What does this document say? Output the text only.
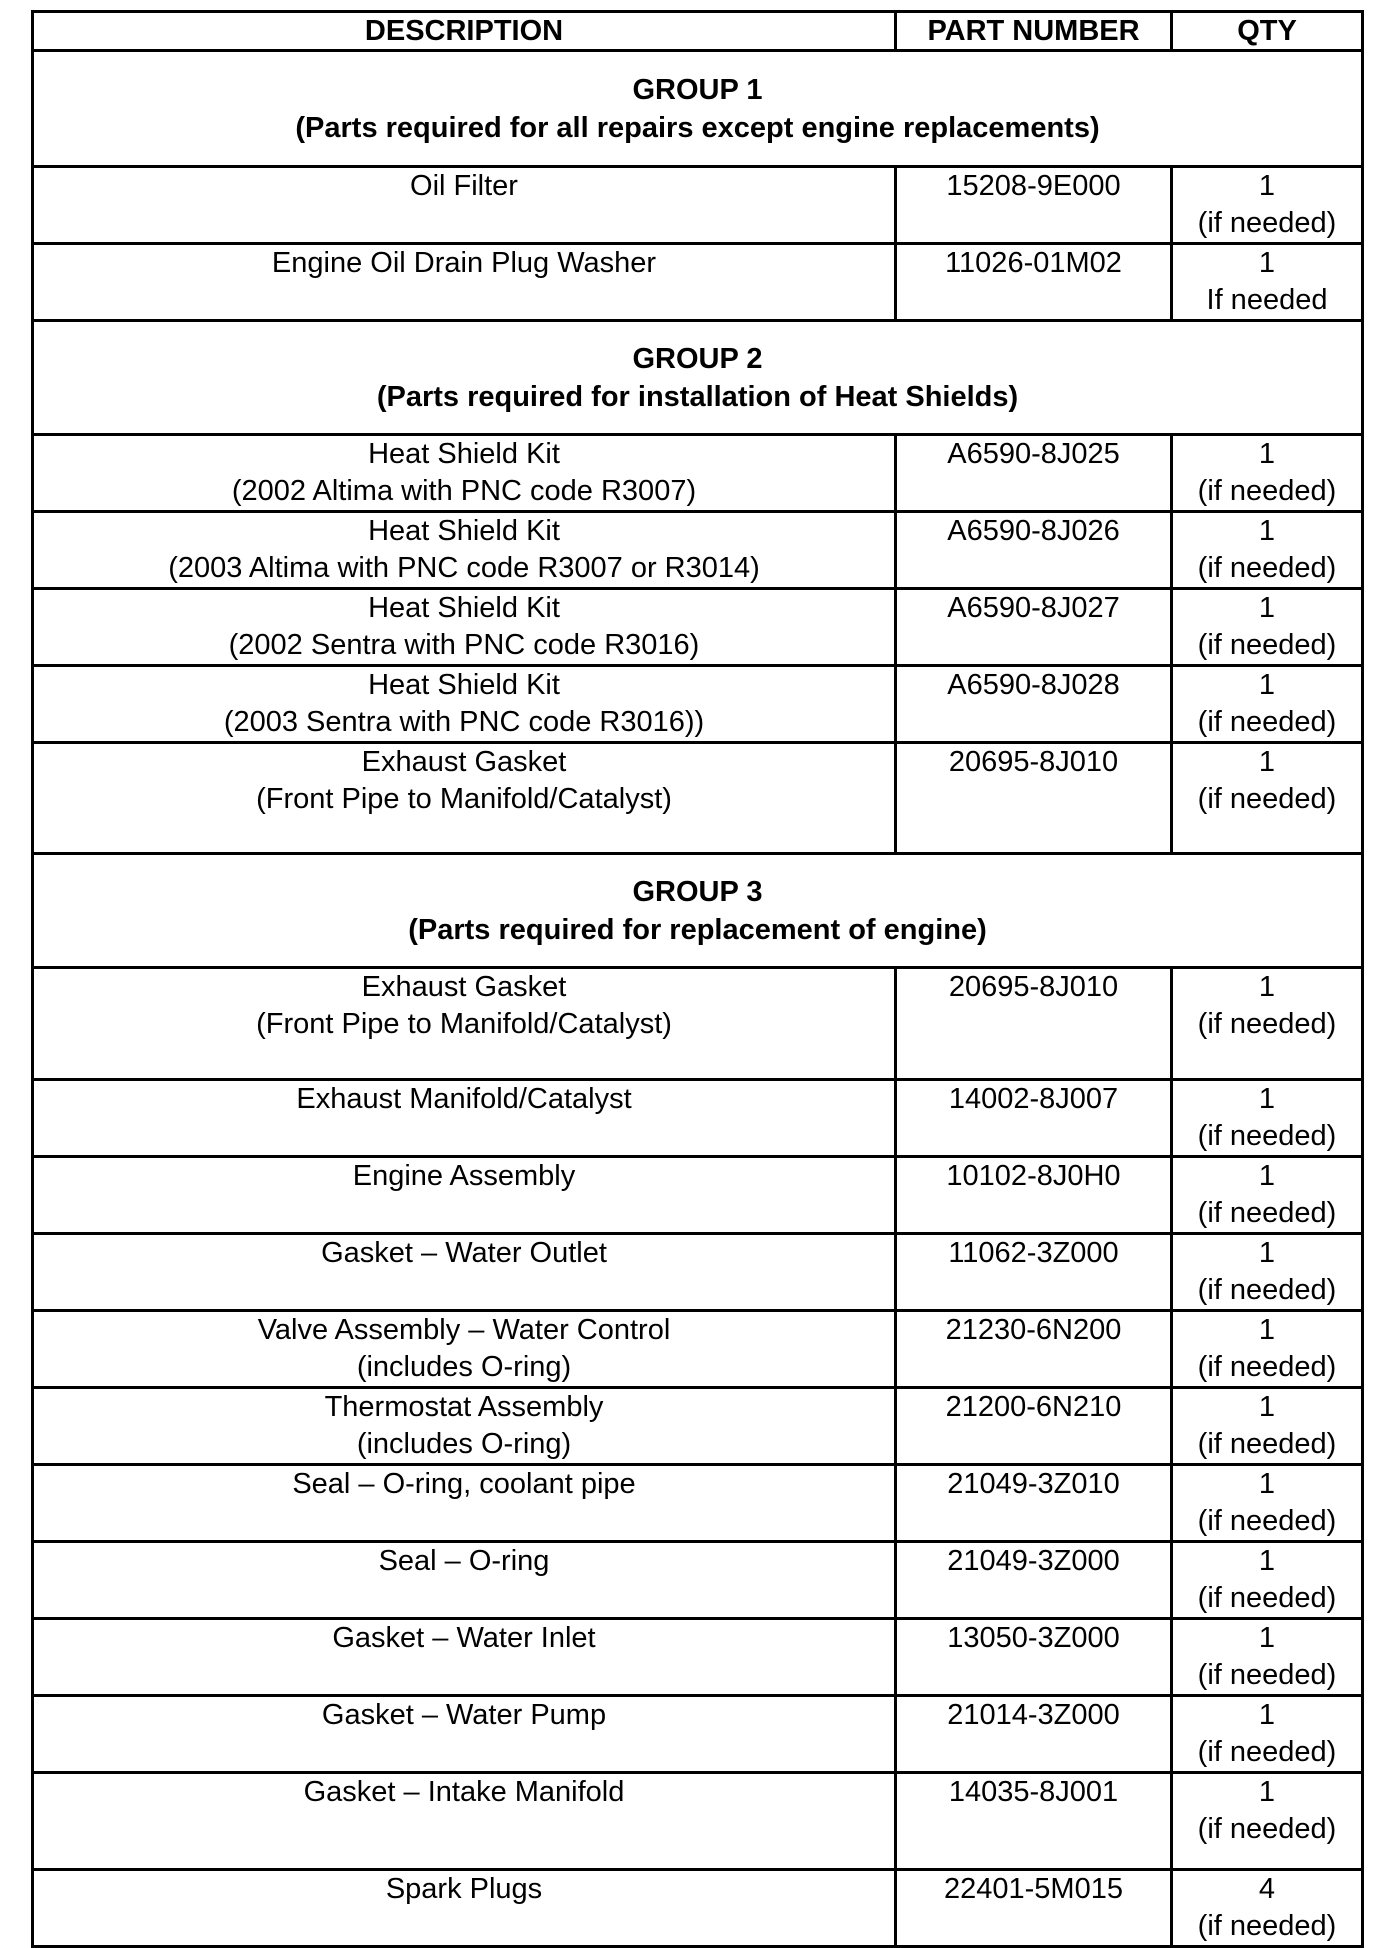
DESCRIPTION	PART NUMBER	QTY

GROUP 1
(Parts required for all repairs except engine replacements)		

Oil Filter	15208-9E000	1
(if needed)

Engine Oil Drain Plug Washer	11026-01M02	1
If needed

GROUP 2
(Parts required for installation of Heat Shields)		

Heat Shield Kit
(2002 Altima with PNC code R3007)	A6590-8J025	1
(if needed)

Heat Shield Kit
(2003 Altima with PNC code R3007 or R3014)	A6590-8J026	1
(if needed)

Heat Shield Kit
(2002 Sentra with PNC code R3016)	A6590-8J027	1
(if needed)

Heat Shield Kit
(2003 Sentra with PNC code R3016))	A6590-8J028	1
(if needed)

Exhaust Gasket
(Front Pipe to Manifold/Catalyst)	20695-8J010	1
(if needed)

GROUP 3
(Parts required for replacement of engine)		

Exhaust Gasket
(Front Pipe to Manifold/Catalyst)	20695-8J010	1
(if needed)

Exhaust Manifold/Catalyst	14002-8J007	1
(if needed)

Engine Assembly	10102-8J0H0	1
(if needed)

Gasket – Water Outlet	11062-3Z000	1
(if needed)

Valve Assembly – Water Control
(includes O-ring)	21230-6N200	1
(if needed)

Thermostat Assembly
(includes O-ring)	21200-6N210	1
(if needed)

Seal – O-ring, coolant pipe	21049-3Z010	1
(if needed)

Seal – O-ring	21049-3Z000	1
(if needed)

Gasket – Water Inlet	13050-3Z000	1
(if needed)

Gasket – Water Pump	21014-3Z000	1
(if needed)

Gasket – Intake Manifold	14035-8J001	1
(if needed)

Spark Plugs	22401-5M015	4
(if needed)
